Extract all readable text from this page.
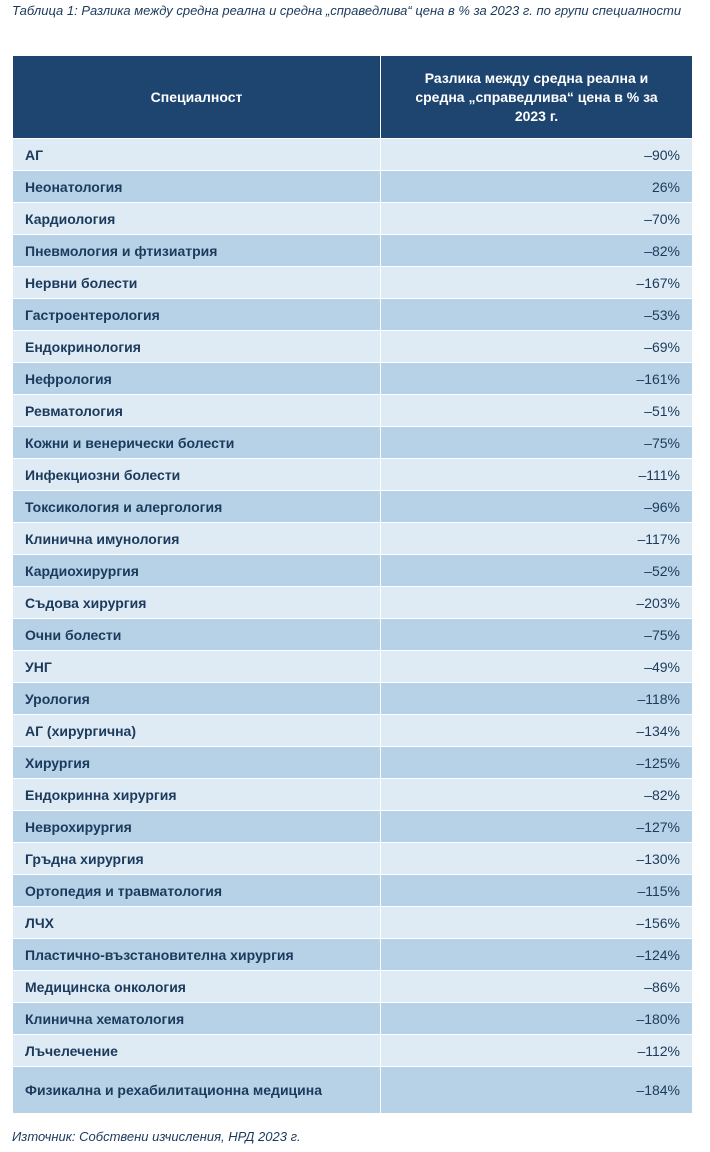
Таблица 1: Разлика между средна реална и средна „справедлива“ цена в % за 2023 г. по групи специалности
Специалност	Разлика между средна реална и средна „справедлива“ цена в % за 2023 г.
АГ	–90%
Неонатология	26%
Кардиология	–70%
Пневмология и фтизиатрия	–82%
Нервни болести	–167%
Гастроентерология	–53%
Ендокринология	–69%
Нефрология	–161%
Ревматология	–51%
Кожни и венерически болести	–75%
Инфекциозни болести	–111%
Токсикология и алергология	–96%
Клинична имунология	–117%
Кардиохирургия	–52%
Съдова хирургия	–203%
Очни болести	–75%
УНГ	–49%
Урология	–118%
АГ (хирургична)	–134%
Хирургия	–125%
Ендокринна хирургия	–82%
Неврохирургия	–127%
Гръдна хирургия	–130%
Ортопедия и травматология	–115%
ЛЧХ	–156%
Пластично-възстановителна хирургия	–124%
Медицинска онкология	–86%
Клинична хематология	–180%
Лъчелечение	–112%
Физикална и рехабилитационна медицина	–184%
Източник: Собствени изчисления, НРД 2023 г.
